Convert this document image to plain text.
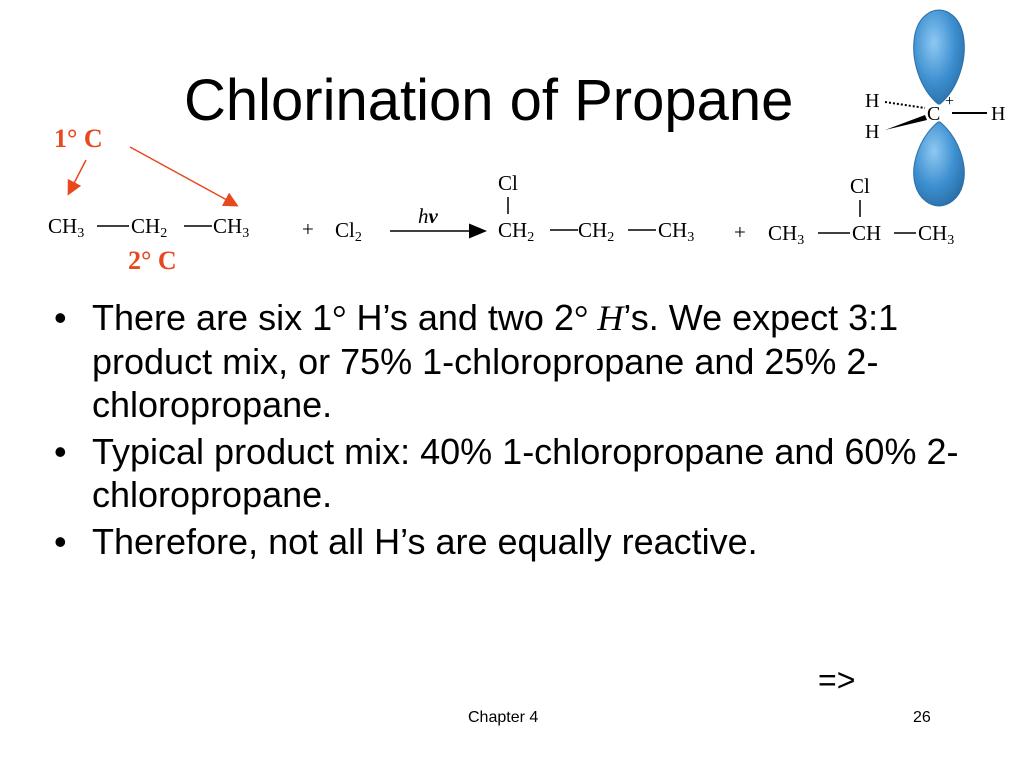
Chlorination of Propane	H
H
C
+
H
1° C
2° C
$CH_3$ $CH_2$ $CH_3$	+ $Cl_2$
hν
Cl
$CH_2$ $CH_2$ $CH_3$ +
Cl
$CH_3$ CH $CH_3$
• There are six 1° H’s and two 2° H’s. We expect 3:1 product mix, or 75% 1-chloropropane and 25% 2-chloropropane.
• Typical product mix: 40% 1-chloropropane and 60% 2-chloropropane.
• Therefore, not all H’s are equally reactive.
=>
Chapter 4	26
